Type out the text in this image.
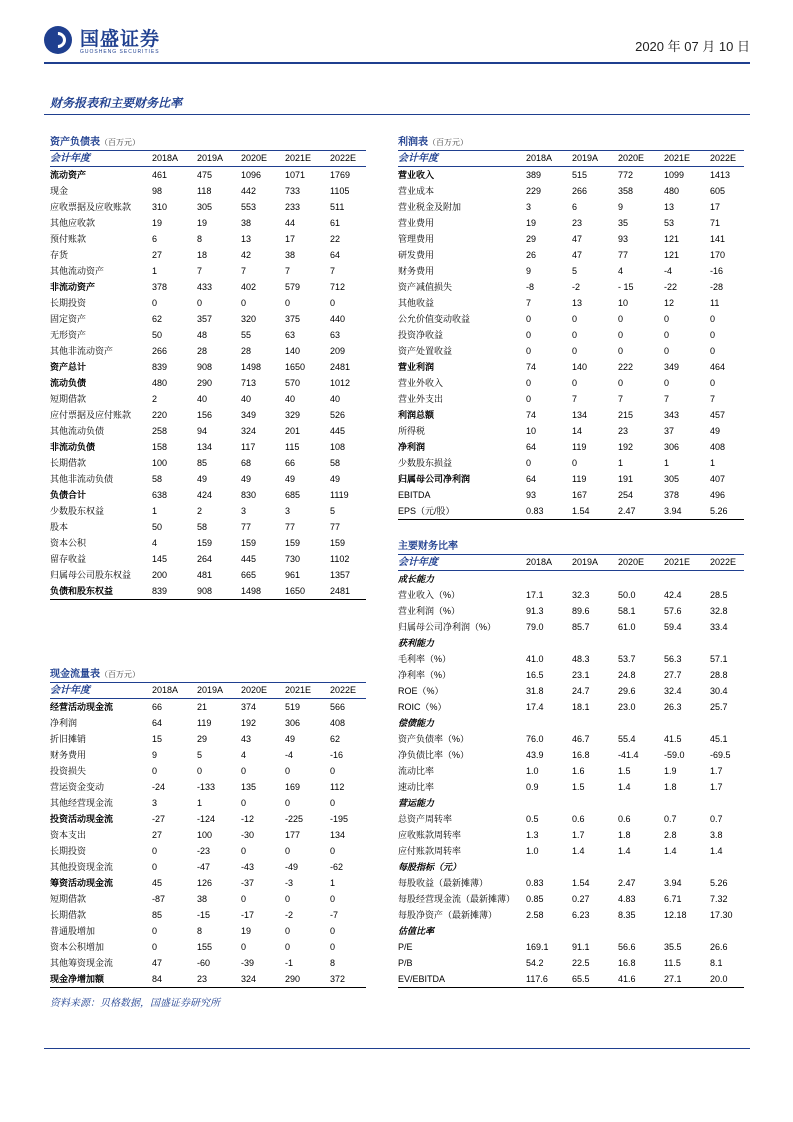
国盛证券
GUOSHENG SECURITIES	2020 年 07 月 10 日
财务报表和主要财务比率
资产负债表（百万元）
会计年度	2018A	2019A	2020E	2021E	2022E
流动资产	461	475	1096	1071	1769
现金	98	118	442	733	1105
应收票据及应收账款	310	305	553	233	511
其他应收款	19	19	38	44	61
预付账款	6	8	13	17	22
存货	27	18	42	38	64
其他流动资产	1	7	7	7	7
非流动资产	378	433	402	579	712
长期投资	0	0	0	0	0
固定资产	62	357	320	375	440
无形资产	50	48	55	63	63
其他非流动资产	266	28	28	140	209
资产总计	839	908	1498	1650	2481
流动负债	480	290	713	570	1012
短期借款	2	40	40	40	40
应付票据及应付账款	220	156	349	329	526
其他流动负债	258	94	324	201	445
非流动负债	158	134	117	115	108
长期借款	100	85	68	66	58
其他非流动负债	58	49	49	49	49
负债合计	638	424	830	685	1119
少数股东权益	1	2	3	3	5
股本	50	58	77	77	77
资本公积	4	159	159	159	159
留存收益	145	264	445	730	1102
归属母公司股东权益	200	481	665	961	1357
负债和股东权益	839	908	1498	1650	2481
利润表（百万元）
会计年度	2018A	2019A	2020E	2021E	2022E
营业收入	389	515	772	1099	1413
营业成本	229	266	358	480	605
营业税金及附加	3	6	9	13	17
营业费用	19	23	35	53	71
管理费用	29	47	93	121	141
研发费用	26	47	77	121	170
财务费用	9	5	4	-4	-16
资产减值损失	-8	-2	- 15	-22	-28
其他收益	7	13	10	12	11
公允价值变动收益	0	0	0	0	0
投资净收益	0	0	0	0	0
资产处置收益	0	0	0	0	0
营业利润	74	140	222	349	464
营业外收入	0	0	0	0	0
营业外支出	0	7	7	7	7
利润总额	74	134	215	343	457
所得税	10	14	23	37	49
净利润	64	119	192	306	408
少数股东损益	0	0	1	1	1
归属母公司净利润	64	119	191	305	407
EBITDA	93	167	254	378	496
EPS（元/股）	0.83	1.54	2.47	3.94	5.26
主要财务比率
会计年度	2018A	2019A	2020E	2021E	2022E
成长能力
营业收入（%）	17.1	32.3	50.0	42.4	28.5
营业利润（%）	91.3	89.6	58.1	57.6	32.8
归属母公司净利润（%）	79.0	85.7	61.0	59.4	33.4
获利能力
毛利率（%）	41.0	48.3	53.7	56.3	57.1
净利率（%）	16.5	23.1	24.8	27.7	28.8
ROE（%）	31.8	24.7	29.6	32.4	30.4
ROIC（%）	17.4	18.1	23.0	26.3	25.7
偿债能力
资产负债率（%）	76.0	46.7	55.4	41.5	45.1
净负债比率（%）	43.9	16.8	-41.4	-59.0	-69.5
流动比率	1.0	1.6	1.5	1.9	1.7
速动比率	0.9	1.5	1.4	1.8	1.7
营运能力
总资产周转率	0.5	0.6	0.6	0.7	0.7
应收账款周转率	1.3	1.7	1.8	2.8	3.8
应付账款周转率	1.0	1.4	1.4	1.4	1.4
每股指标（元）
每股收益（最新摊薄）	0.83	1.54	2.47	3.94	5.26
每股经营现金流（最新摊薄）	0.85	0.27	4.83	6.71	7.32
每股净资产（最新摊薄）	2.58	6.23	8.35	12.18	17.30
估值比率
P/E	169.1	91.1	56.6	35.5	26.6
P/B	54.2	22.5	16.8	11.5	8.1
EV/EBITDA	117.6	65.5	41.6	27.1	20.0
现金流量表（百万元）
会计年度	2018A	2019A	2020E	2021E	2022E
经营活动现金流	66	21	374	519	566
净利润	64	119	192	306	408
折旧摊销	15	29	43	49	62
财务费用	9	5	4	-4	-16
投资损失	0	0	0	0	0
营运资金变动	-24	-133	135	169	112
其他经营现金流	3	1	0	0	0
投资活动现金流	-27	-124	-12	-225	-195
资本支出	27	100	-30	177	134
长期投资	0	-23	0	0	0
其他投资现金流	0	-47	-43	-49	-62
筹资活动现金流	45	126	-37	-3	1
短期借款	-87	38	0	0	0
长期借款	85	-15	-17	-2	-7
普通股增加	0	8	19	0	0
资本公积增加	0	155	0	0	0
其他筹资现金流	47	-60	-39	-1	8
现金净增加额	84	23	324	290	372
资料来源：贝格数据，国盛证券研究所
